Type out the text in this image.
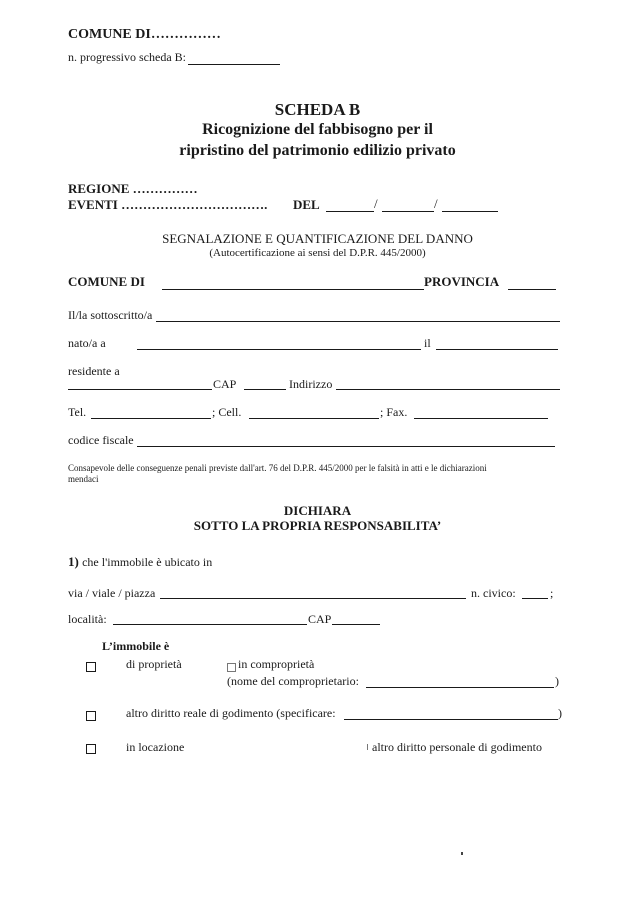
COMUNE DI……………
n. progressivo scheda B:
SCHEDA B
Ricognizione del fabbisogno per il
ripristino del patrimonio edilizio privato
REGIONE ……………
EVENTI ……………………………. DEL	/	/
SEGNALAZIONE E QUANTIFICAZIONE DEL DANNO
(Autocertificazione ai sensi del D.P.R. 445/2000)
COMUNE DI	PROVINCIA
Il/la sottoscritto/a
nato/a a	il
residente a
CAP	Indirizzo
Tel.	; Cell.	; Fax.
codice fiscale
Consapevole delle conseguenze penali previste dall'art. 76 del D.P.R. 445/2000 per le falsità in atti e le dichiarazioni
mendaci
DICHIARA
SOTTO LA PROPRIA RESPONSABILITA’
1) che l'immobile è ubicato in
via / viale / piazza	n. civico:	;
località:	CAP
L’immobile è
di proprietà	in comproprietà
(nome del comproprietario:	)
altro diritto reale di godimento (specificare:	)
in locazione	altro diritto personale di godimento
